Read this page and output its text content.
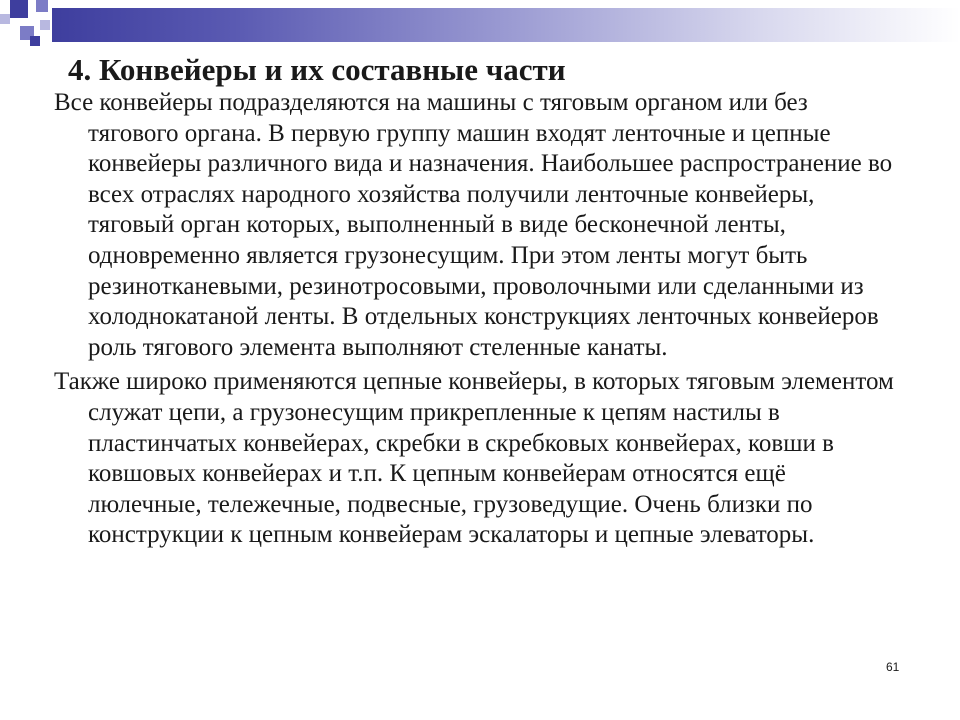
4. Конвейеры и их составные части

Все конвейеры подразделяются на машины с тяговым органом или без тягового органа. В первую группу машин входят ленточные и цепные конвейеры различного вида и назначения. Наибольшее распространение во всех отраслях народного хозяйства получили ленточные конвейеры, тяговый орган которых, выполненный в виде бесконечной ленты, одновременно является грузонесущим. При этом ленты могут быть резинотканевыми, резинотросовыми, проволочными или сделанными из холоднокатаной ленты. В отдельных конструкциях ленточных конвейеров роль тягового элемента выполняют стеленные канаты.

Также широко применяются цепные конвейеры, в которых тяговым элементом служат цепи, а грузонесущим прикрепленные к цепям настилы в пластинчатых конвейерах, скребки в скребковых конвейерах, ковши в ковшовых конвейерах и т.п. К цепным конвейерам относятся ещё люлечные, тележечные, подвесные, грузоведущие. Очень близки по конструкции к цепным конвейерам эскалаторы и цепные элеваторы.

61
